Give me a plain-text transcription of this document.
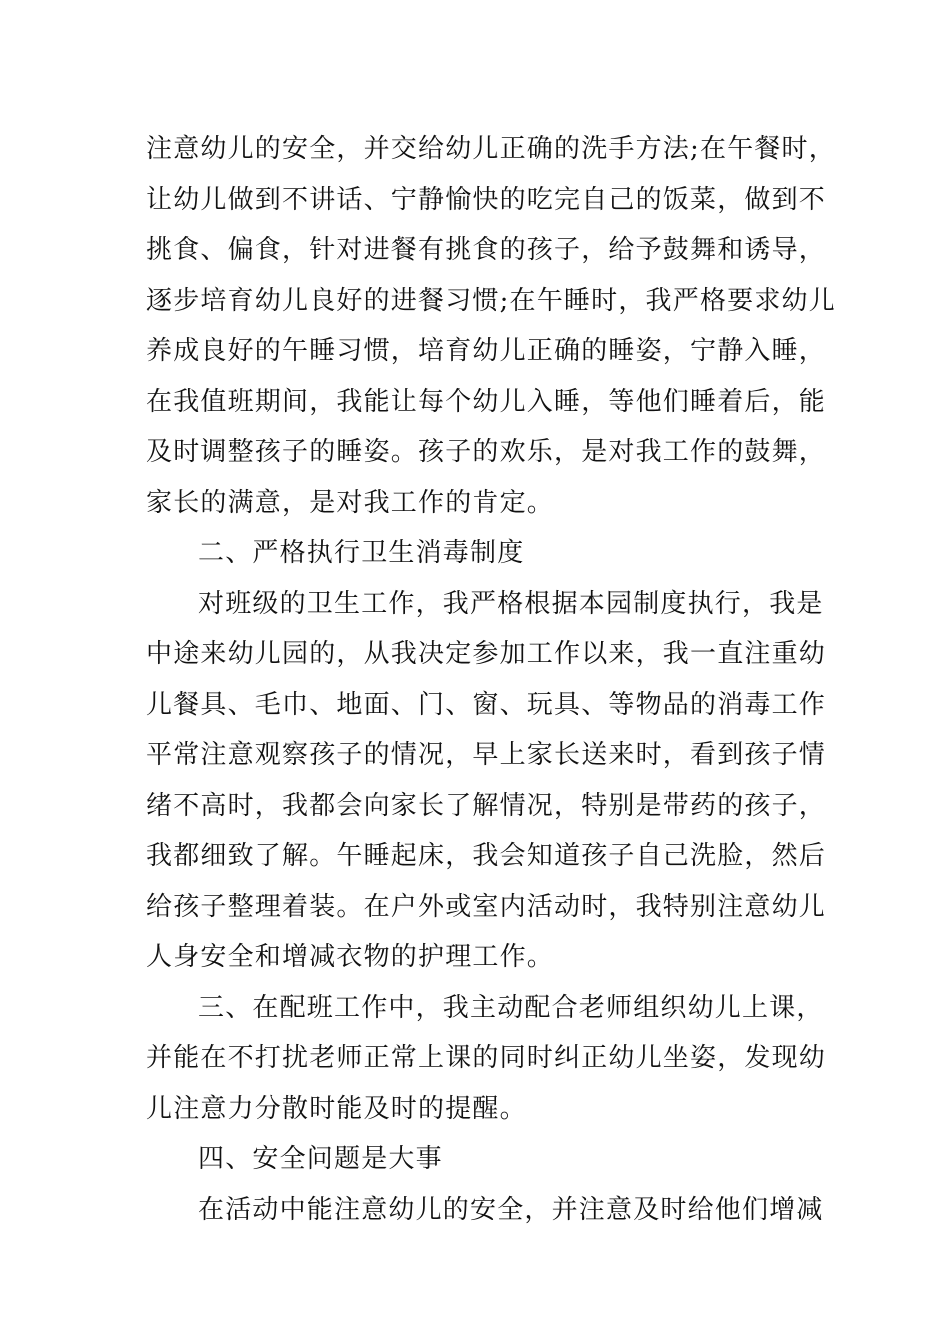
注意幼儿的安全，并交给幼儿正确的洗手方法;在午餐时，
让幼儿做到不讲话、宁静愉快的吃完自己的饭菜，做到不
挑食、偏食，针对进餐有挑食的孩子，给予鼓舞和诱导，
逐步培育幼儿良好的进餐习惯;在午睡时，我严格要求幼儿
养成良好的午睡习惯，培育幼儿正确的睡姿，宁静入睡，
在我值班期间，我能让每个幼儿入睡，等他们睡着后，能
及时调整孩子的睡姿。孩子的欢乐，是对我工作的鼓舞，
家长的满意，是对我工作的肯定。
二、严格执行卫生消毒制度
对班级的卫生工作，我严格根据本园制度执行，我是
中途来幼儿园的，从我决定参加工作以来，我一直注重幼
儿餐具、毛巾、地面、门、窗、玩具、等物品的消毒工作
平常注意观察孩子的情况，早上家长送来时，看到孩子情
绪不高时，我都会向家长了解情况，特别是带药的孩子，
我都细致了解。午睡起床，我会知道孩子自己洗脸，然后
给孩子整理着装。在户外或室内活动时，我特别注意幼儿
人身安全和增减衣物的护理工作。
三、在配班工作中，我主动配合老师组织幼儿上课，
并能在不打扰老师正常上课的同时纠正幼儿坐姿，发现幼
儿注意力分散时能及时的提醒。
四、安全问题是大事
在活动中能注意幼儿的安全，并注意及时给他们增减
